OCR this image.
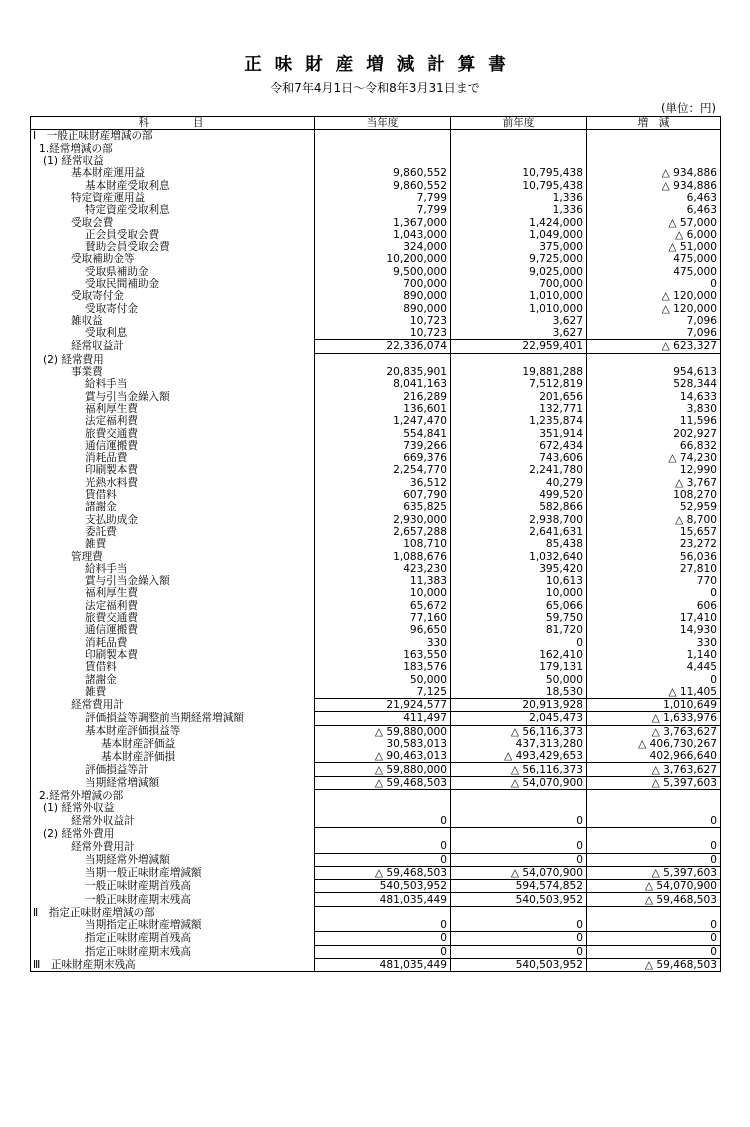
正味財産増減計算書
令和7年4月1日～令和8年3月31日まで
(単位：円)
科　　　目	当年度	前年度	増　減
Ⅰ　一般正味財産増減の部			
1.経常増減の部			
(1) 経常収益			
基本財産運用益	9,860,552	10,795,438	△ 934,886
基本財産受取利息	9,860,552	10,795,438	△ 934,886
特定資産運用益	7,799	1,336	6,463
特定資産受取利息	7,799	1,336	6,463
受取会費	1,367,000	1,424,000	△ 57,000
正会員受取会費	1,043,000	1,049,000	△ 6,000
賛助会員受取会費	324,000	375,000	△ 51,000
受取補助金等	10,200,000	9,725,000	475,000
受取県補助金	9,500,000	9,025,000	475,000
受取民間補助金	700,000	700,000	0
受取寄付金	890,000	1,010,000	△ 120,000
受取寄付金	890,000	1,010,000	△ 120,000
雑収益	10,723	3,627	7,096
受取利息	10,723	3,627	7,096
経常収益計	22,336,074	22,959,401	△ 623,327
(2) 経常費用			
事業費	20,835,901	19,881,288	954,613
給料手当	8,041,163	7,512,819	528,344
賞与引当金繰入額	216,289	201,656	14,633
福利厚生費	136,601	132,771	3,830
法定福利費	1,247,470	1,235,874	11,596
旅費交通費	554,841	351,914	202,927
通信運搬費	739,266	672,434	66,832
消耗品費	669,376	743,606	△ 74,230
印刷製本費	2,254,770	2,241,780	12,990
光熱水料費	36,512	40,279	△ 3,767
賃借料	607,790	499,520	108,270
諸謝金	635,825	582,866	52,959
支払助成金	2,930,000	2,938,700	△ 8,700
委託費	2,657,288	2,641,631	15,657
雑費	108,710	85,438	23,272
管理費	1,088,676	1,032,640	56,036
給料手当	423,230	395,420	27,810
賞与引当金繰入額	11,383	10,613	770
福利厚生費	10,000	10,000	0
法定福利費	65,672	65,066	606
旅費交通費	77,160	59,750	17,410
通信運搬費	96,650	81,720	14,930
消耗品費	330	0	330
印刷製本費	163,550	162,410	1,140
賃借料	183,576	179,131	4,445
諸謝金	50,000	50,000	0
雑費	7,125	18,530	△ 11,405
経常費用計	21,924,577	20,913,928	1,010,649
評価損益等調整前当期経常増減額	411,497	2,045,473	△ 1,633,976
基本財産評価損益等	△ 59,880,000	△ 56,116,373	△ 3,763,627
基本財産評価益	30,583,013	437,313,280	△ 406,730,267
基本財産評価損	△ 90,463,013	△ 493,429,653	402,966,640
評価損益等計	△ 59,880,000	△ 56,116,373	△ 3,763,627
当期経常増減額	△ 59,468,503	△ 54,070,900	△ 5,397,603
2.経常外増減の部			
(1) 経常外収益			
経常外収益計	0	0	0
(2) 経常外費用			
経常外費用計	0	0	0
当期経常外増減額	0	0	0
当期一般正味財産増減額	△ 59,468,503	△ 54,070,900	△ 5,397,603
一般正味財産期首残高	540,503,952	594,574,852	△ 54,070,900
一般正味財産期末残高	481,035,449	540,503,952	△ 59,468,503
Ⅱ　指定正味財産増減の部			
当期指定正味財産増減額	0	0	0
指定正味財産期首残高	0	0	0
指定正味財産期末残高	0	0	0
Ⅲ　正味財産期末残高	481,035,449	540,503,952	△ 59,468,503
